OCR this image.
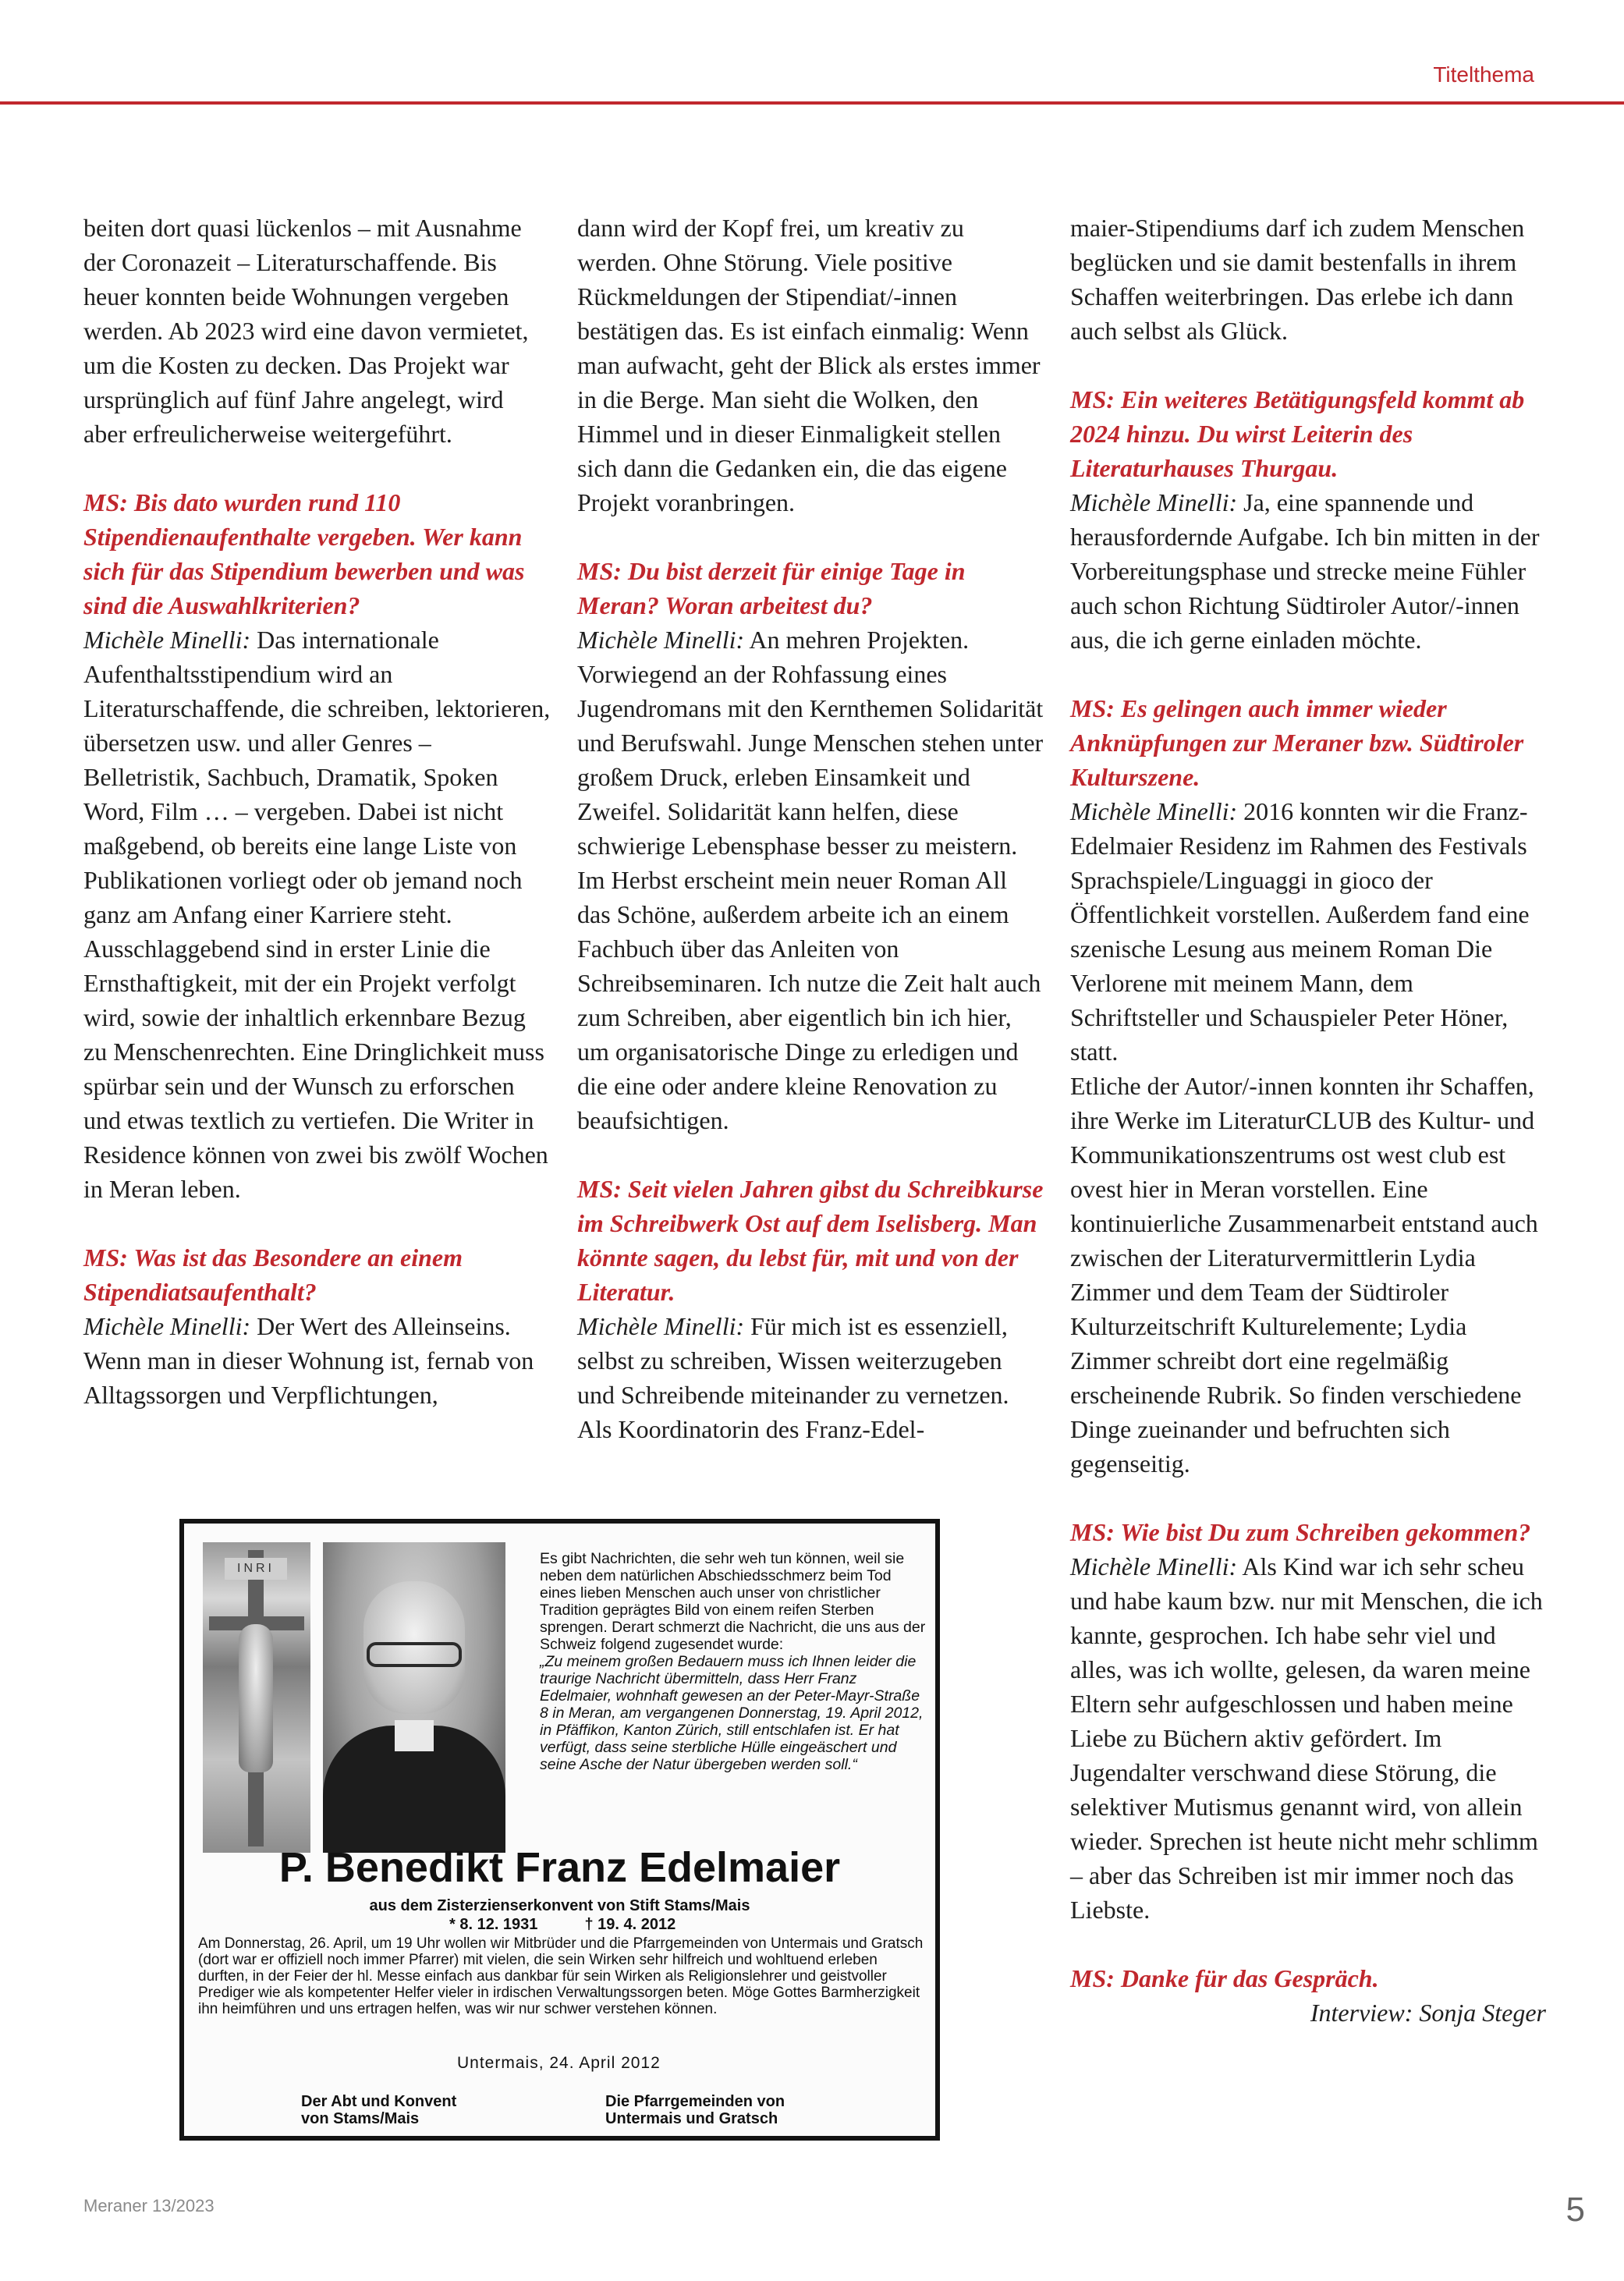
Titelthema

beiten dort quasi lückenlos – mit Ausnahme der Coronazeit – Literaturschaffende. Bis heuer konnten beide Wohnungen vergeben werden. Ab 2023 wird eine davon vermietet, um die Kosten zu decken. Das Projekt war ursprünglich auf fünf Jahre angelegt, wird aber erfreulicherweise weitergeführt.

MS: Bis dato wurden rund 110 Stipendienaufenthalte vergeben. Wer kann sich für das Stipendium bewerben und was sind die Auswahlkriterien?
Michèle Minelli: Das internationale Aufenthaltsstipendium wird an Literaturschaffende, die schreiben, lektorieren, übersetzen usw. und aller Genres – Belletristik, Sachbuch, Dramatik, Spoken Word, Film … – vergeben. Dabei ist nicht maßgebend, ob bereits eine lange Liste von Publikationen vorliegt oder ob jemand noch ganz am Anfang einer Karriere steht. Ausschlaggebend sind in erster Linie die Ernsthaftigkeit, mit der ein Projekt verfolgt wird, sowie der inhaltlich erkennbare Bezug zu Menschenrechten. Eine Dringlichkeit muss spürbar sein und der Wunsch zu erforschen und etwas textlich zu vertiefen. Die Writer in Residence können von zwei bis zwölf Wochen in Meran leben.

MS: Was ist das Besondere an einem Stipendiatsaufenthalt?
Michèle Minelli: Der Wert des Alleinseins. Wenn man in dieser Wohnung ist, fernab von Alltagssorgen und Verpflichtungen,

dann wird der Kopf frei, um kreativ zu werden. Ohne Störung. Viele positive Rückmeldungen der Stipendiat/-innen bestätigen das. Es ist einfach einmalig: Wenn man aufwacht, geht der Blick als erstes immer in die Berge. Man sieht die Wolken, den Himmel und in dieser Einmaligkeit stellen sich dann die Gedanken ein, die das eigene Projekt voranbringen.

MS: Du bist derzeit für einige Tage in Meran? Woran arbeitest du?
Michèle Minelli: An mehren Projekten. Vorwiegend an der Rohfassung eines Jugendromans mit den Kernthemen Solidarität und Berufswahl. Junge Menschen stehen unter großem Druck, erleben Einsamkeit und Zweifel. Solidarität kann helfen, diese schwierige Lebensphase besser zu meistern. Im Herbst erscheint mein neuer Roman All das Schöne, außerdem arbeite ich an einem Fachbuch über das Anleiten von Schreibseminaren. Ich nutze die Zeit halt auch zum Schreiben, aber eigentlich bin ich hier, um organisatorische Dinge zu erledigen und die eine oder andere kleine Renovation zu beaufsichtigen.

MS: Seit vielen Jahren gibst du Schreibkurse im Schreibwerk Ost auf dem Iselisberg. Man könnte sagen, du lebst für, mit und von der Literatur.
Michèle Minelli: Für mich ist es essenziell, selbst zu schreiben, Wissen weiterzugeben und Schreibende miteinander zu vernetzen. Als Koordinatorin des Franz-Edel-

maier-Stipendiums darf ich zudem Menschen beglücken und sie damit bestenfalls in ihrem Schaffen weiterbringen. Das erlebe ich dann auch selbst als Glück.

MS: Ein weiteres Betätigungsfeld kommt ab 2024 hinzu. Du wirst Leiterin des Literaturhauses Thurgau.
Michèle Minelli: Ja, eine spannende und herausfordernde Aufgabe. Ich bin mitten in der Vorbereitungsphase und strecke meine Fühler auch schon Richtung Südtiroler Autor/-innen aus, die ich gerne einladen möchte.

MS: Es gelingen auch immer wieder Anknüpfungen zur Meraner bzw. Südtiroler Kulturszene.
Michèle Minelli: 2016 konnten wir die Franz-Edelmaier Residenz im Rahmen des Festivals Sprachspiele/Linguaggi in gioco der Öffentlichkeit vorstellen. Außerdem fand eine szenische Lesung aus meinem Roman Die Verlorene mit meinem Mann, dem Schriftsteller und Schauspieler Peter Höner, statt.

Etliche der Autor/-innen konnten ihr Schaffen, ihre Werke im LiteraturCLUB des Kultur- und Kommunikationszentrums ost west club est ovest hier in Meran vorstellen. Eine kontinuierliche Zusammenarbeit entstand auch zwischen der Literaturvermittlerin Lydia Zimmer und dem Team der Südtiroler Kulturzeitschrift Kulturelemente; Lydia Zimmer schreibt dort eine regelmäßig erscheinende Rubrik. So finden verschiedene Dinge zueinander und befruchten sich gegenseitig.

MS: Wie bist Du zum Schreiben gekommen?
Michèle Minelli: Als Kind war ich sehr scheu und habe kaum bzw. nur mit Menschen, die ich kannte, gesprochen. Ich habe sehr viel und alles, was ich wollte, gelesen, da waren meine Eltern sehr aufgeschlossen und haben meine Liebe zu Büchern aktiv gefördert. Im Jugendalter verschwand diese Störung, die selektiver Mutismus genannt wird, von allein wieder. Sprechen ist heute nicht mehr schlimm – aber das Schreiben ist mir immer noch das Liebste.

MS: Danke für das Gespräch.
Interview: Sonja Steger

INRI

Es gibt Nachrichten, die sehr weh tun können, weil sie neben dem natürlichen Abschiedsschmerz beim Tod eines lieben Menschen auch unser von christlicher Tradition geprägtes Bild von einem reifen Sterben sprengen. Derart schmerzt die Nachricht, die uns aus der Schweiz folgend zugesendet wurde:

„Zu meinem großen Bedauern muss ich Ihnen leider die traurige Nachricht übermitteln, dass Herr Franz Edelmaier, wohnhaft gewesen an der Peter-Mayr-Straße 8 in Meran, am vergangenen Donnerstag, 19. April 2012, in Pfäffikon, Kanton Zürich, still entschlafen ist. Er hat verfügt, dass seine sterbliche Hülle eingeäschert und seine Asche der Natur übergeben werden soll.“

P. Benedikt Franz Edelmaier
aus dem Zisterzienserkonvent von Stift Stams/Mais
* 8. 12. 1931	† 19. 4. 2012

Am Donnerstag, 26. April, um 19 Uhr wollen wir Mitbrüder und die Pfarrgemeinden von Untermais und Gratsch (dort war er offiziell noch immer Pfarrer) mit vielen, die sein Wirken sehr hilfreich und wohltuend erleben durften, in der Feier der hl. Messe einfach aus dankbar für sein Wirken als Religionslehrer und geistvoller Prediger wie als kompetenter Helfer vieler in irdischen Verwaltungssorgen beten. Möge Gottes Barmherzigkeit ihn heimführen und uns ertragen helfen, was wir nur schwer verstehen können.

Untermais, 24. April 2012
Der Abt und Konvent
von Stams/Mais
Die Pfarrgemeinden von
Untermais und Gratsch
Meraner 13/2023	5
